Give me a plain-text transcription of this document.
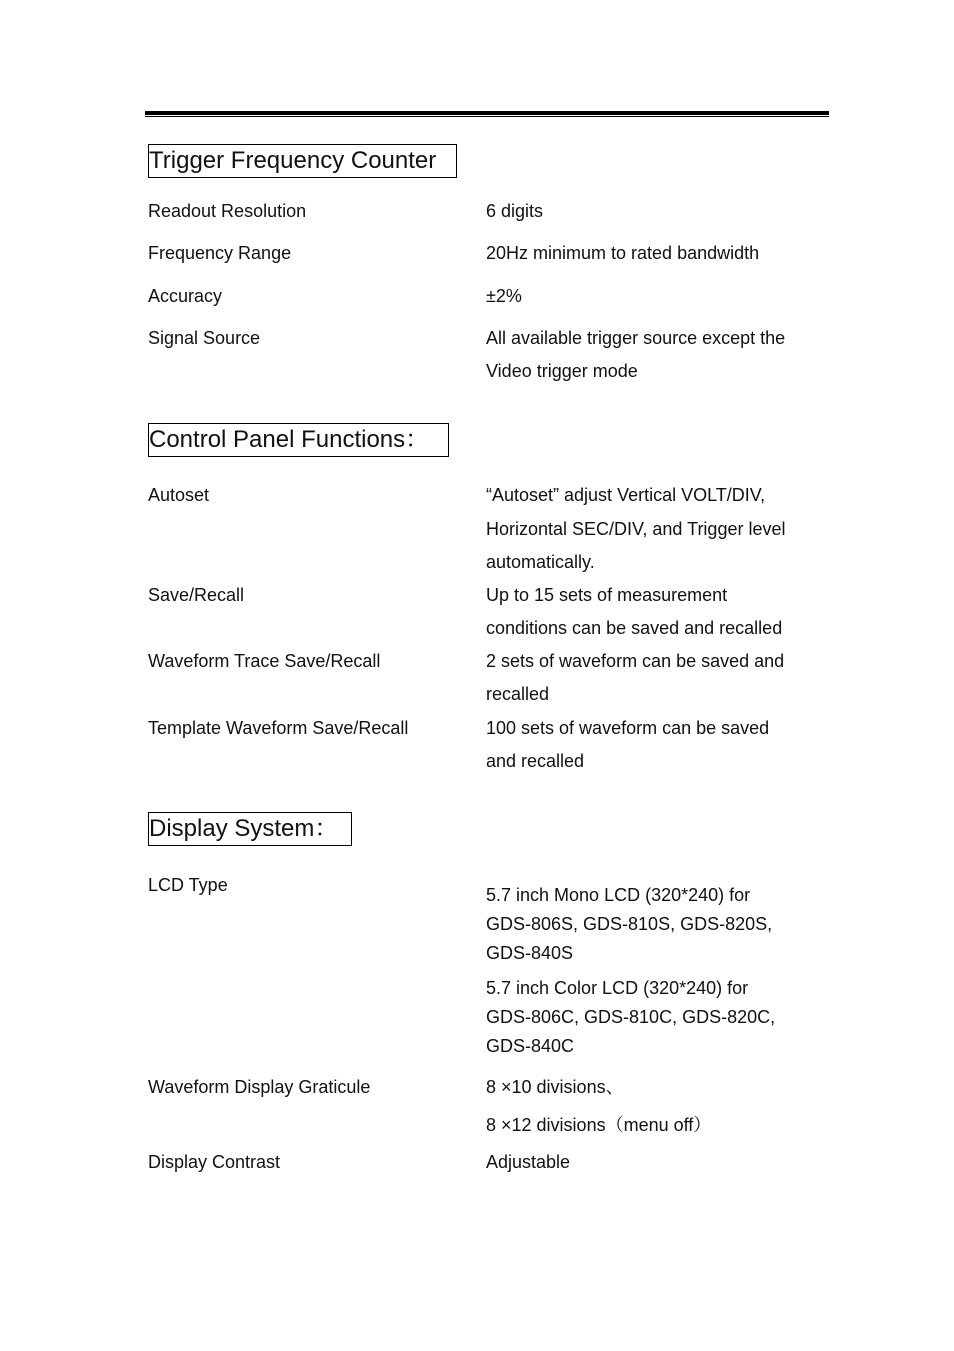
Trigger Frequency Counter
Readout Resolution	6 digits
Frequency Range	20Hz minimum to rated bandwidth
Accuracy	±2%
Signal Source	All available trigger source except the
Video trigger mode
Control Panel Functions：
Autoset	“Autoset” adjust Vertical VOLT/DIV,
Horizontal SEC/DIV, and Trigger level
automatically.
Save/Recall	Up to 15 sets of measurement
conditions can be saved and recalled
Waveform Trace Save/Recall	2 sets of waveform can be saved and
recalled
Template Waveform Save/Recall	100 sets of waveform can be saved
and recalled
Display System：
LCD Type	5.7 inch Mono LCD (320*240) for
GDS-806S, GDS-810S, GDS-820S,
GDS-840S
5.7 inch Color LCD (320*240) for
GDS-806C, GDS-810C, GDS-820C,
GDS-840C
Waveform Display Graticule	8 ×10 divisions、
8 ×12 divisions（menu off）
Display Contrast	Adjustable
